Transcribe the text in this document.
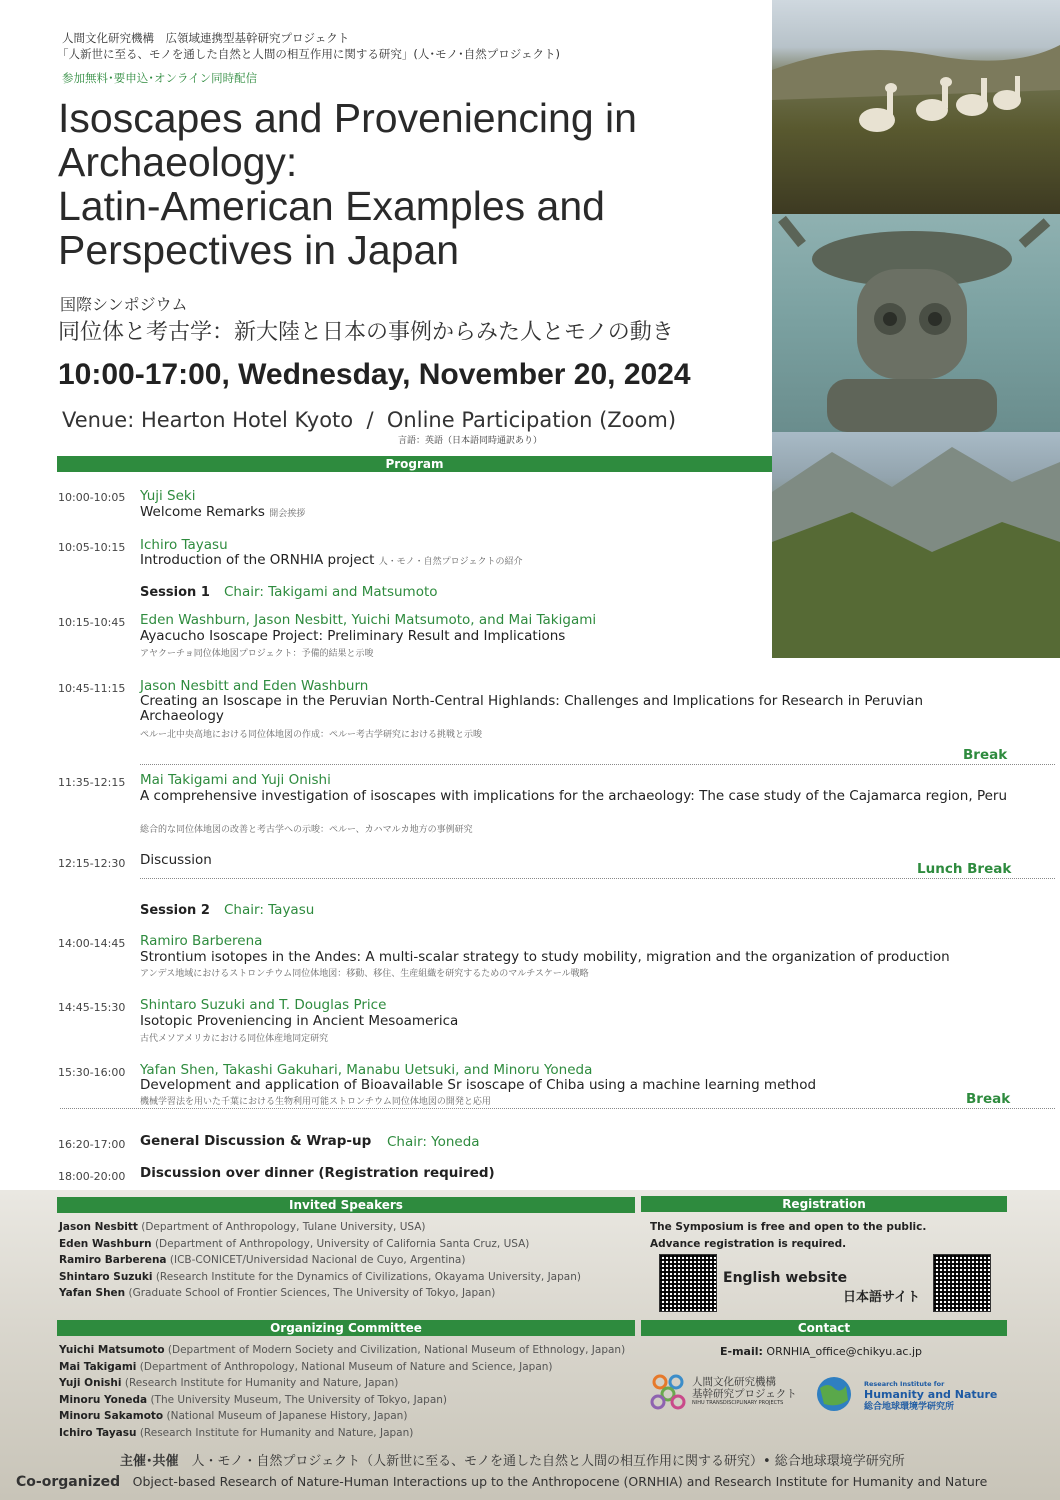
人間文化研究機構　広領域連携型基幹研究プロジェクト
「人新世に至る、モノを通した自然と人間の相互作用に関する研究」(人･モノ･自然プロジェクト)
参加無料･要申込･オンライン同時配信
Isoscapes and Proveniencing in
Archaeology:
Latin-American Examples and
Perspectives in Japan
国際シンポジウム
同位体と考古学：新大陸と日本の事例からみた人とモノの動き
10:00-17:00, Wednesday, November 20, 2024
Venue: Hearton Hotel Kyoto  /  Online Participation (Zoom)
言語：英語（日本語同時通訳あり）
Program
10:00-10:05 Yuji Seki
Welcome Remarks 開会挨拶
10:05-10:15 Ichiro Tayasu
Introduction of the ORNHIA project 人・モノ・自然プロジェクトの紹介
Session 1 Chair: Takigami and Matsumoto
10:15-10:45 Eden Washburn, Jason Nesbitt, Yuichi Matsumoto, and Mai Takigami
Ayacucho Isoscape Project: Preliminary Result and Implications
アヤクーチョ同位体地図プロジェクト：予備的結果と示唆
10:45-11:15 Jason Nesbitt and Eden Washburn
Creating an Isoscape in the Peruvian North-Central Highlands: Challenges and Implications for Research in Peruvian Archaeology
ペルー北中央高地における同位体地図の作成：ペルー考古学研究における挑戦と示唆
Break
11:35-12:15 Mai Takigami and Yuji Onishi
A comprehensive investigation of isoscapes with implications for the archaeology: The case study of the Cajamarca region, Peru
総合的な同位体地図の改善と考古学への示唆：ペルー、カハマルカ地方の事例研究
12:15-12:30 Discussion
Lunch Break
Session 2 Chair: Tayasu
14:00-14:45 Ramiro Barberena
Strontium isotopes in the Andes: A multi-scalar strategy to study mobility, migration and the organization of production
アンデス地域におけるストロンチウム同位体地図：移動、移住、生産組織を研究するためのマルチスケール戦略
14:45-15:30 Shintaro Suzuki and T. Douglas Price
Isotopic Proveniencing in Ancient Mesoamerica
古代メソアメリカにおける同位体産地同定研究
15:30-16:00 Yafan Shen, Takashi Gakuhari, Manabu Uetsuki, and Minoru Yoneda
Development and application of Bioavailable Sr isoscape of Chiba using a machine learning method
機械学習法を用いた千葉における生物利用可能ストロンチウム同位体地図の開発と応用	Break
16:20-17:00 General Discussion & Wrap-up Chair: Yoneda
18:00-20:00 Discussion over dinner (Registration required)
Invited Speakers
Jason Nesbitt (Department of Anthropology, Tulane University, USA)
Eden Washburn (Department of Anthropology, University of California Santa Cruz, USA)
Ramiro Barberena (ICB-CONICET/Universidad Nacional de Cuyo, Argentina)
Shintaro Suzuki (Research Institute for the Dynamics of Civilizations, Okayama University, Japan)
Yafan Shen (Graduate School of Frontier Sciences, The University of Tokyo, Japan)
Organizing Committee
Yuichi Matsumoto (Department of Modern Society and Civilization, National Museum of Ethnology, Japan)
Mai Takigami (Department of Anthropology, National Museum of Nature and Science, Japan)
Yuji Onishi (Research Institute for Humanity and Nature, Japan)
Minoru Yoneda (The University Museum, The University of Tokyo, Japan)
Minoru Sakamoto (National Museum of Japanese History, Japan)
Ichiro Tayasu (Research Institute for Humanity and Nature, Japan)
Registration
The Symposium is free and open to the public.
Advance registration is required.
English website
日本語サイト
Contact
E-mail: ORNHIA_office@chikyu.ac.jp
人間文化研究機構
基幹研究プロジェクト
NIHU TRANSDISCIPLINARY PROJECTS
Research Institute for
Humanity and Nature
総合地球環境学研究所
主催･共催　 人・モノ・自然プロジェクト（人新世に至る、モノを通した自然と人間の相互作用に関する研究）• 総合地球環境学研究所
Co-organized　 Object-based Research of Nature-Human Interactions up to the Anthropocene (ORNHIA) and Research Institute for Humanity and Nature
